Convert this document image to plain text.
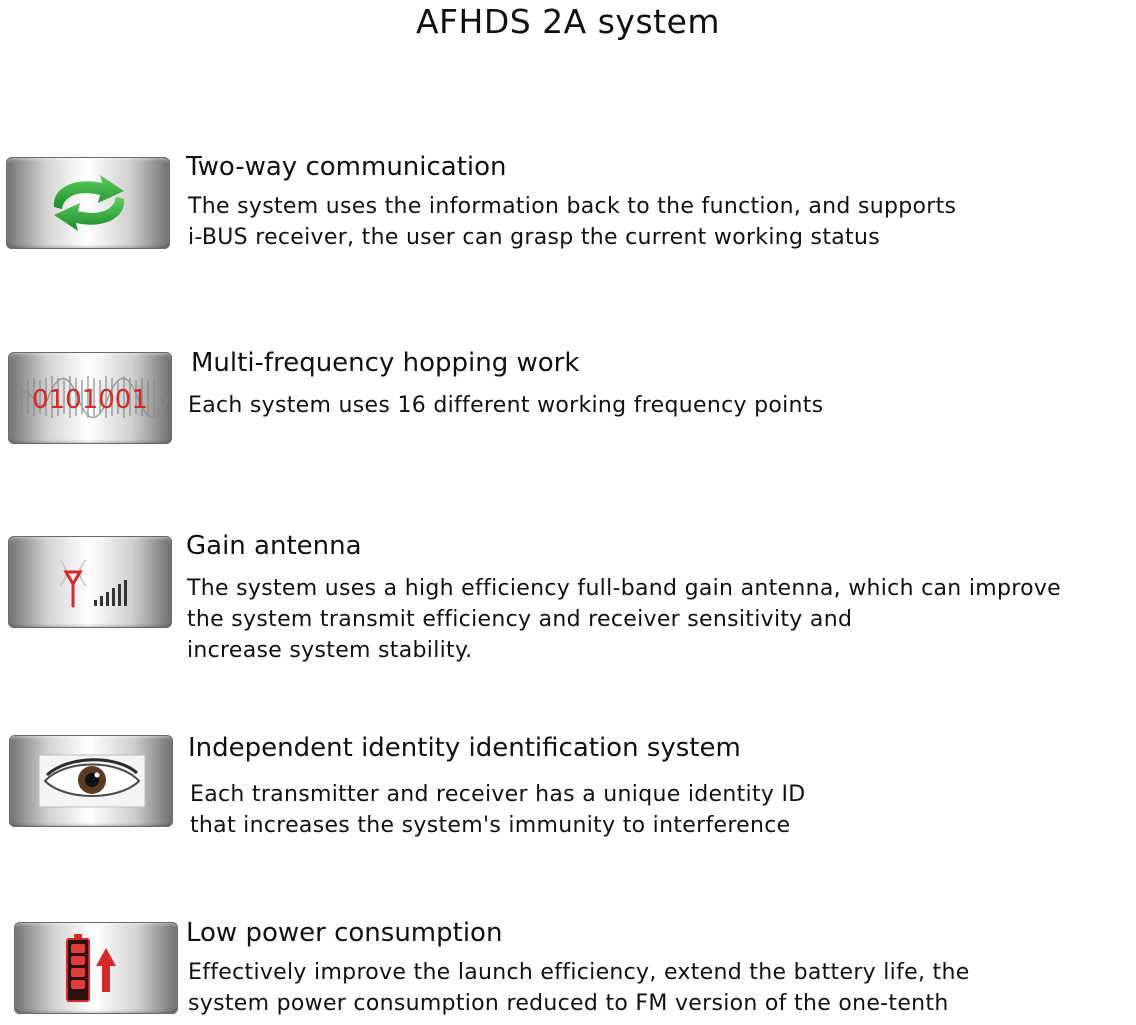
AFHDS 2A system
Two-way communication
The system uses the information back to the function, and supports
i-BUS receiver, the user can grasp the current working status
0101001
Multi-frequency hopping work
Each system uses 16 different working frequency points
Gain antenna
The system uses a high efficiency full-band gain antenna, which can improve
the system transmit efficiency and receiver sensitivity and
increase system stability.
Independent identity identification system
Each transmitter and receiver has a unique identity ID
that increases the system's immunity to interference
Low power consumption
Effectively improve the launch efficiency, extend the battery life, the
system power consumption reduced to FM version of the one-tenth
